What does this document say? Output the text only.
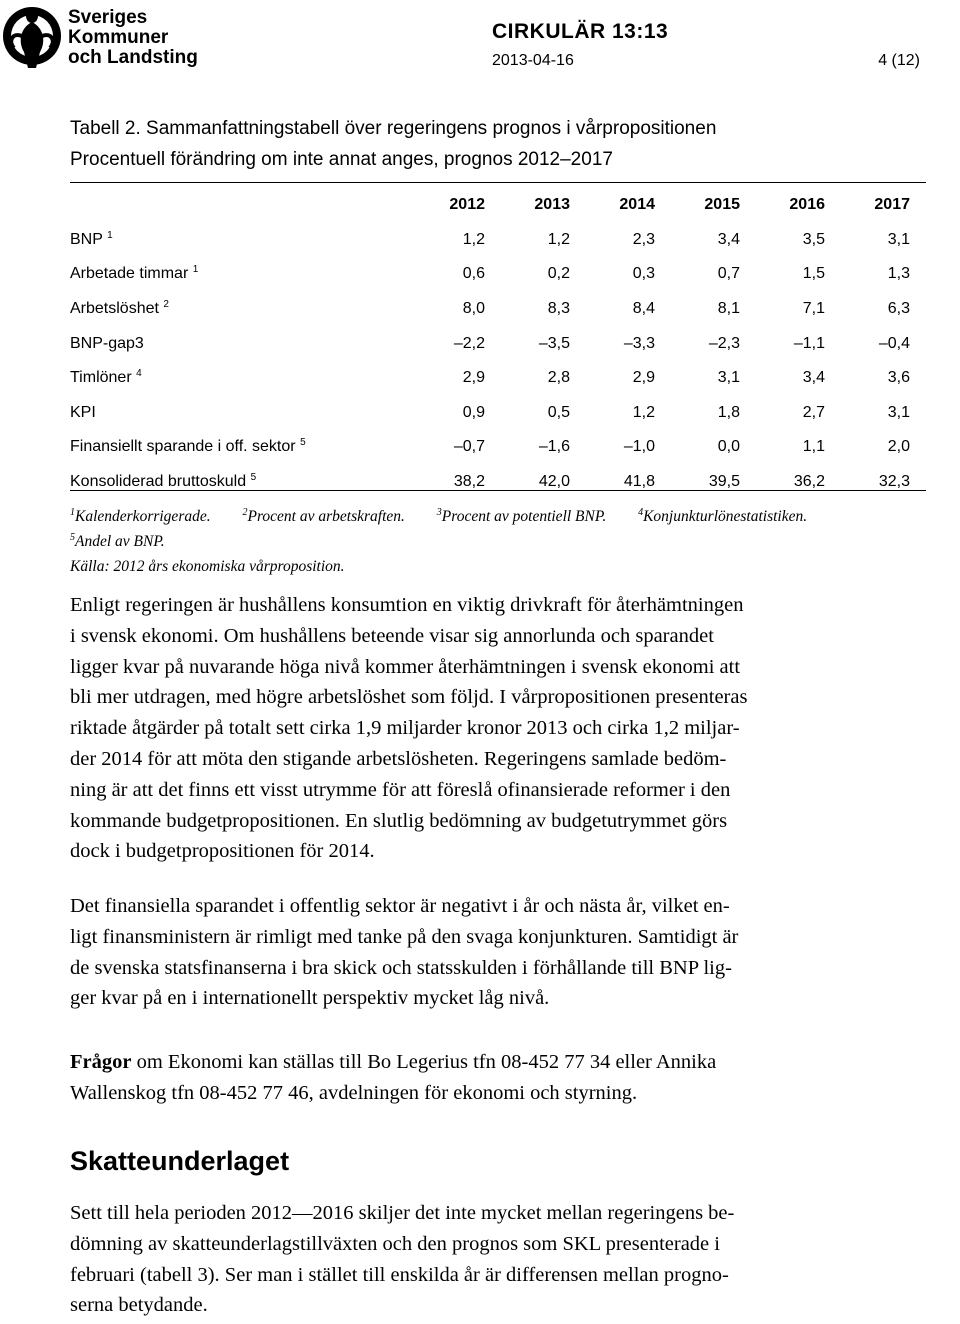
Sveriges
Kommuner
och Landsting
CIRKULÄR 13:13
2013-04-16	4 (12)
Tabell 2. Sammanfattningstabell över regeringens prognos i vårpropositionen
Procentuell förändring om inte annat anges, prognos 2012–2017
	2012	2013	2014	2015	2016	2017
BNP $^1$	1,2	1,2	2,3	3,4	3,5	3,1
Arbetade timmar $^1$	0,6	0,2	0,3	0,7	1,5	1,3
Arbetslöshet $^2$	8,0	8,3	8,4	8,1	7,1	6,3
BNP-gap3	–2,2	–3,5	–3,3	–2,3	–1,1	–0,4
Timlöner $^4$	2,9	2,8	2,9	3,1	3,4	3,6
KPI	0,9	0,5	1,2	1,8	2,7	3,1
Finansiellt sparande i off. sektor $^5$	–0,7	–1,6	–1,0	0,0	1,1	2,0
Konsoliderad bruttoskuld $^5$	38,2	42,0	41,8	39,5	36,2	32,3
$^1$Kalenderkorrigerade.	$^2$Procent av arbetskraften.	$^3$Procent av potentiell BNP.	$^4$Konjunkturlönestatistiken.
$^5$Andel av BNP.
Källa: 2012 års ekonomiska vårproposition.

Enligt regeringen är hushållens konsumtion en viktig drivkraft för återhämtningen

i svensk ekonomi. Om hushållens beteende visar sig annorlunda och sparandet

ligger kvar på nuvarande höga nivå kommer återhämtningen i svensk ekonomi att

bli mer utdragen, med högre arbetslöshet som följd. I vårpropositionen presenteras

riktade åtgärder på totalt sett cirka 1,9 miljarder kronor 2013 och cirka 1,2 miljar-

der 2014 för att möta den stigande arbetslösheten. Regeringens samlade bedöm-

ning är att det finns ett visst utrymme för att föreslå ofinansierade reformer i den

kommande budgetpropositionen. En slutlig bedömning av budgetutrymmet görs

dock i budgetpropositionen för 2014.

Det finansiella sparandet i offentlig sektor är negativt i år och nästa år, vilket en-

ligt finansministern är rimligt med tanke på den svaga konjunkturen. Samtidigt är

de svenska statsfinanserna i bra skick och statsskulden i förhållande till BNP lig-

ger kvar på en i internationellt perspektiv mycket låg nivå.

Frågor om Ekonomi kan ställas till Bo Legerius tfn 08-452 77 34 eller Annika

Wallenskog tfn 08-452 77 46, avdelningen för ekonomi och styrning.

Skatteunderlaget

Sett till hela perioden 2012—2016 skiljer det inte mycket mellan regeringens be-

dömning av skatteunderlagstillväxten och den prognos som SKL presenterade i

februari (tabell 3). Ser man i stället till enskilda år är differensen mellan progno-

serna betydande.
